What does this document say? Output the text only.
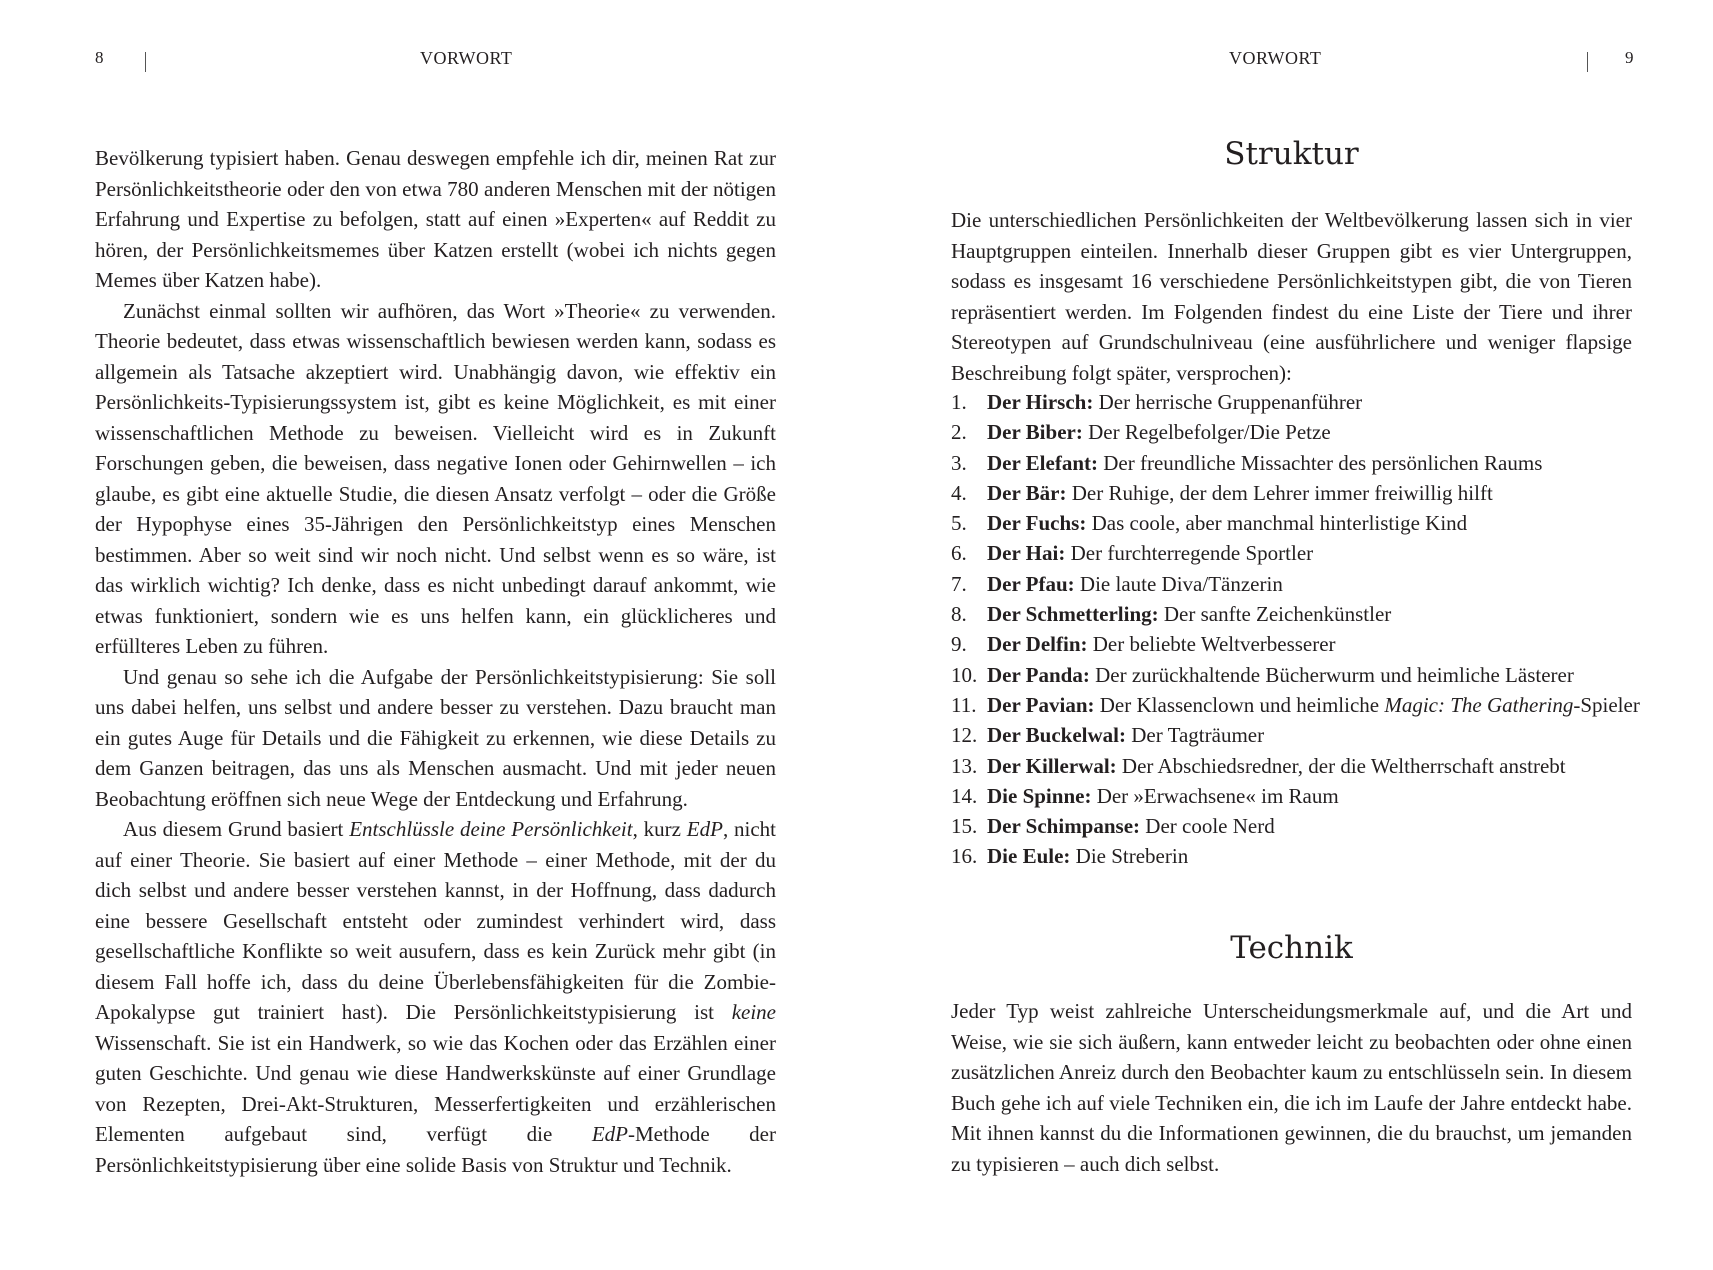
8	VORWORT

Bevölkerung typisiert haben. Genau deswegen empfehle ich dir, meinen Rat zur Persönlichkeitstheorie oder den von etwa 780 anderen Menschen mit der nötigen Erfahrung und Expertise zu befolgen, statt auf einen »Experten« auf Reddit zu hören, der Persönlichkeitsmemes über Katzen erstellt (wobei ich nichts gegen Memes über Katzen habe).

Zunächst einmal sollten wir aufhören, das Wort »Theorie« zu verwenden. Theorie bedeutet, dass etwas wissenschaftlich bewiesen werden kann, sodass es allgemein als Tatsache akzeptiert wird. Unabhängig davon, wie effektiv ein Persönlichkeits-Typisierungssystem ist, gibt es keine Möglichkeit, es mit einer wissenschaftlichen Methode zu beweisen. Vielleicht wird es in Zukunft Forschungen geben, die beweisen, dass negative Ionen oder Gehirnwellen – ich glaube, es gibt eine aktuelle Studie, die diesen Ansatz verfolgt – oder die Größe der Hypophyse eines 35-Jährigen den Persönlichkeitstyp eines Menschen bestimmen. Aber so weit sind wir noch nicht. Und selbst wenn es so wäre, ist das wirklich wichtig? Ich denke, dass es nicht unbedingt darauf ankommt, wie etwas funktioniert, sondern wie es uns helfen kann, ein glücklicheres und erfüllteres Leben zu führen.

Und genau so sehe ich die Aufgabe der Persönlichkeitstypisierung: Sie soll uns dabei helfen, uns selbst und andere besser zu verstehen. Dazu braucht man ein gutes Auge für Details und die Fähigkeit zu erkennen, wie diese Details zu dem Ganzen beitragen, das uns als Menschen ausmacht. Und mit jeder neuen Beobachtung eröffnen sich neue Wege der Entdeckung und Erfahrung.

Aus diesem Grund basiert Entschlüssle deine Persönlichkeit, kurz EdP, nicht auf einer Theorie. Sie basiert auf einer Methode – einer Methode, mit der du dich selbst und andere besser verstehen kannst, in der Hoffnung, dass dadurch eine bessere Gesellschaft entsteht oder zumindest verhindert wird, dass gesellschaftliche Konflikte so weit ausufern, dass es kein Zurück mehr gibt (in diesem Fall hoffe ich, dass du deine Überlebensfähigkeiten für die Zombie-Apokalypse gut trainiert hast). Die Persönlichkeitstypisierung ist keine Wissenschaft. Sie ist ein Handwerk, so wie das Kochen oder das Erzählen einer guten Geschichte. Und genau wie diese Handwerkskünste auf einer Grundlage von Rezepten, Drei-Akt-Strukturen, Messerfertigkeiten und erzählerischen Elementen aufgebaut sind, verfügt die EdP-Methode der Persönlichkeitstypisierung über eine solide Basis von Struktur und Technik.

VORWORT	9
Struktur

Die unterschiedlichen Persönlichkeiten der Weltbevölkerung lassen sich in vier Hauptgruppen einteilen. Innerhalb dieser Gruppen gibt es vier Untergruppen, sodass es insgesamt 16 verschiedene Persönlichkeitstypen gibt, die von Tieren repräsentiert werden. Im Folgenden findest du eine Liste der Tiere und ihrer Stereotypen auf Grundschulniveau (eine ausführlichere und weniger flapsige Beschreibung folgt später, versprochen):

1. Der Hirsch: Der herrische Gruppenanführer
2. Der Biber: Der Regelbefolger/Die Petze
3. Der Elefant: Der freundliche Missachter des persönlichen Raums
4. Der Bär: Der Ruhige, der dem Lehrer immer freiwillig hilft
5. Der Fuchs: Das coole, aber manchmal hinterlistige Kind
6. Der Hai: Der furchterregende Sportler
7. Der Pfau: Die laute Diva/Tänzerin
8. Der Schmetterling: Der sanfte Zeichenkünstler
9. Der Delfin: Der beliebte Weltverbesserer
10. Der Panda: Der zurückhaltende Bücherwurm und heimliche Lästerer
11. Der Pavian: Der Klassenclown und heimliche Magic: The Gathering-Spieler
12. Der Buckelwal: Der Tagträumer
13. Der Killerwal: Der Abschiedsredner, der die Weltherrschaft anstrebt
14. Die Spinne: Der »Erwachsene« im Raum
15. Der Schimpanse: Der coole Nerd
16. Die Eule: Die Streberin
Technik

Jeder Typ weist zahlreiche Unterscheidungsmerkmale auf, und die Art und Weise, wie sie sich äußern, kann entweder leicht zu beobachten oder ohne einen zusätzlichen Anreiz durch den Beobachter kaum zu entschlüsseln sein. In diesem Buch gehe ich auf viele Techniken ein, die ich im Laufe der Jahre entdeckt habe. Mit ihnen kannst du die Informationen gewinnen, die du brauchst, um jemanden zu typisieren – auch dich selbst.
